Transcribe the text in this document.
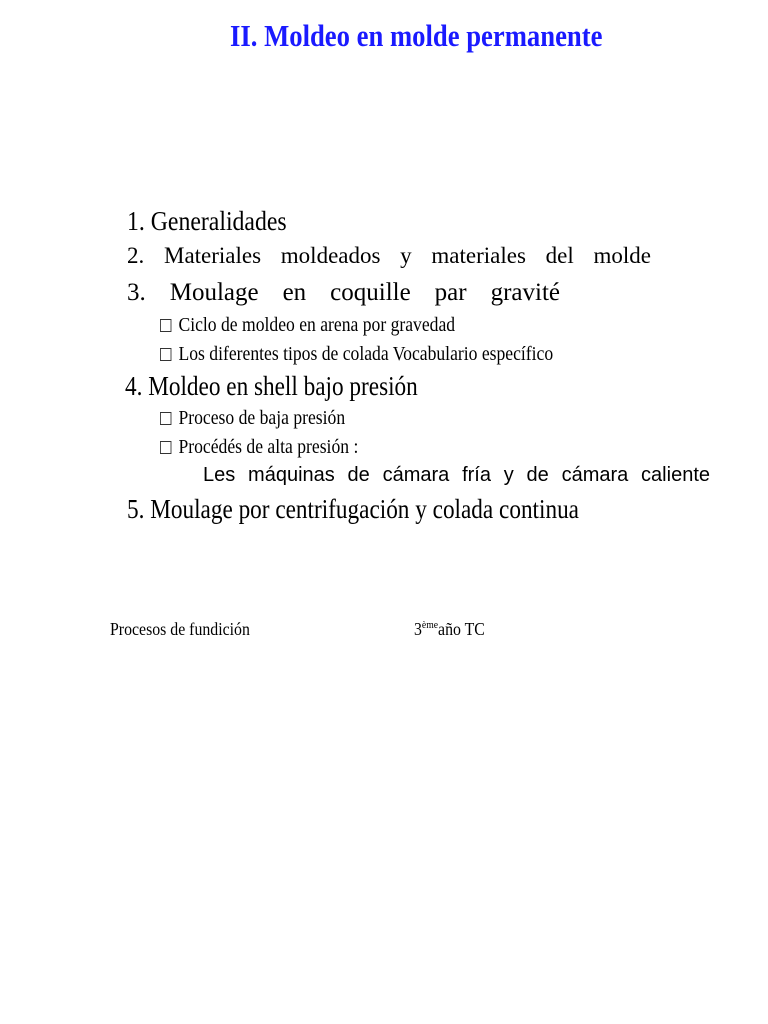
II. Moldeo en molde permanente
1. Generalidades
2. Materiales moldeados y materiales del molde
3. Moulage en coquille par gravité
Ciclo de moldeo en arena por gravedad
Los diferentes tipos de colada Vocabulario específico
4. Moldeo en shell bajo presión
Proceso de baja presión
Procédés de alta presión :
Les máquinas de cámara fría y de cámara caliente
5. Moulage por centrifugación y colada continua
Procesos de fundición	3èmeaño TC
